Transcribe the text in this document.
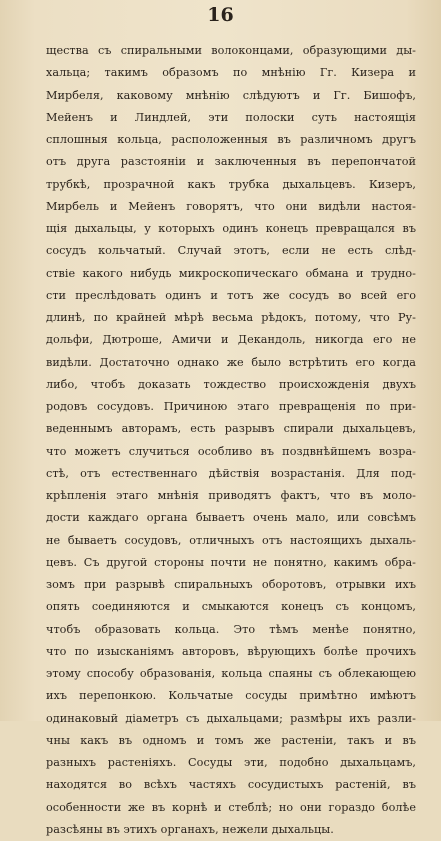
16
щества съ спиральными волоконцами, образующими ды-
хальца; такимъ образомъ по мнѣнію Гг. Кизера и
Мирбеля, каковому мнѣнію слѣдуютъ и Гг. Бишофъ,
Мейенъ и Линдлей, эти полоски суть настоящія
сплошныя кольца, расположенныя въ различномъ другъ
отъ друга разстояніи и заключенныя въ перепончатой
трубкѣ, прозрачной какъ трубка дыхальцевъ. Кизеръ,
Мирбель и Мейенъ говорятъ, что они видѣли настоя-
щія дыхальцы, у которыхъ одинъ конецъ превращался въ
сосудъ кольчатый. Случай этотъ, если не есть слѣд-
ствіе какого нибудь микроскопическаго обмана и трудно-
сти преслѣдовать одинъ и тотъ же сосудъ во всей его
длинѣ, по крайней мѣрѣ весьма рѣдокъ, потому, что Ру-
дольфи, Дютроше, Амичи и Декандоль, никогда его не
видѣли. Достаточно однако же было встрѣтить его когда
либо, чтобъ доказать тождество происхожденія двухъ
родовъ сосудовъ. Причиною этаго превращенія по при-
веденнымъ авторамъ, есть разрывъ спирали дыхальцевъ,
что можетъ случиться особливо въ поздвнѣйшемъ возра-
стѣ, отъ естественнаго дѣйствія возрастанія. Для под-
крѣпленія этаго мнѣнія приводятъ фактъ, что въ моло-
дости каждаго органа бываетъ очень мало, или совсѣмъ
не бываетъ сосудовъ, отличныхъ отъ настоящихъ дыхаль-
цевъ. Съ другой стороны почти не понятно, какимъ обра-
зомъ при разрывѣ спиральныхъ оборотовъ, отрывки ихъ
опять соединяются и смыкаются конецъ съ концомъ,
чтобъ образовать кольца. Это тѣмъ менѣе понятно,
что по изысканіямъ авторовъ, вѣрующихъ болѣе прочихъ
этому способу образованія, кольца спаяны съ облекающею
ихъ перепонкою. Кольчатые сосуды примѣтно имѣютъ
одинаковый діаметръ съ дыхальцами; размѣры ихъ разли-
чны какъ въ одномъ и томъ же растеніи, такъ и въ
разныхъ растеніяхъ. Сосуды эти, подобно дыхальцамъ,
находятся во всѣхъ частяхъ сосудистыхъ растеній, въ
особенности же въ корнѣ и стеблѣ; но они гораздо болѣе
разсѣяны въ этихъ органахъ, нежели дыхальцы.
